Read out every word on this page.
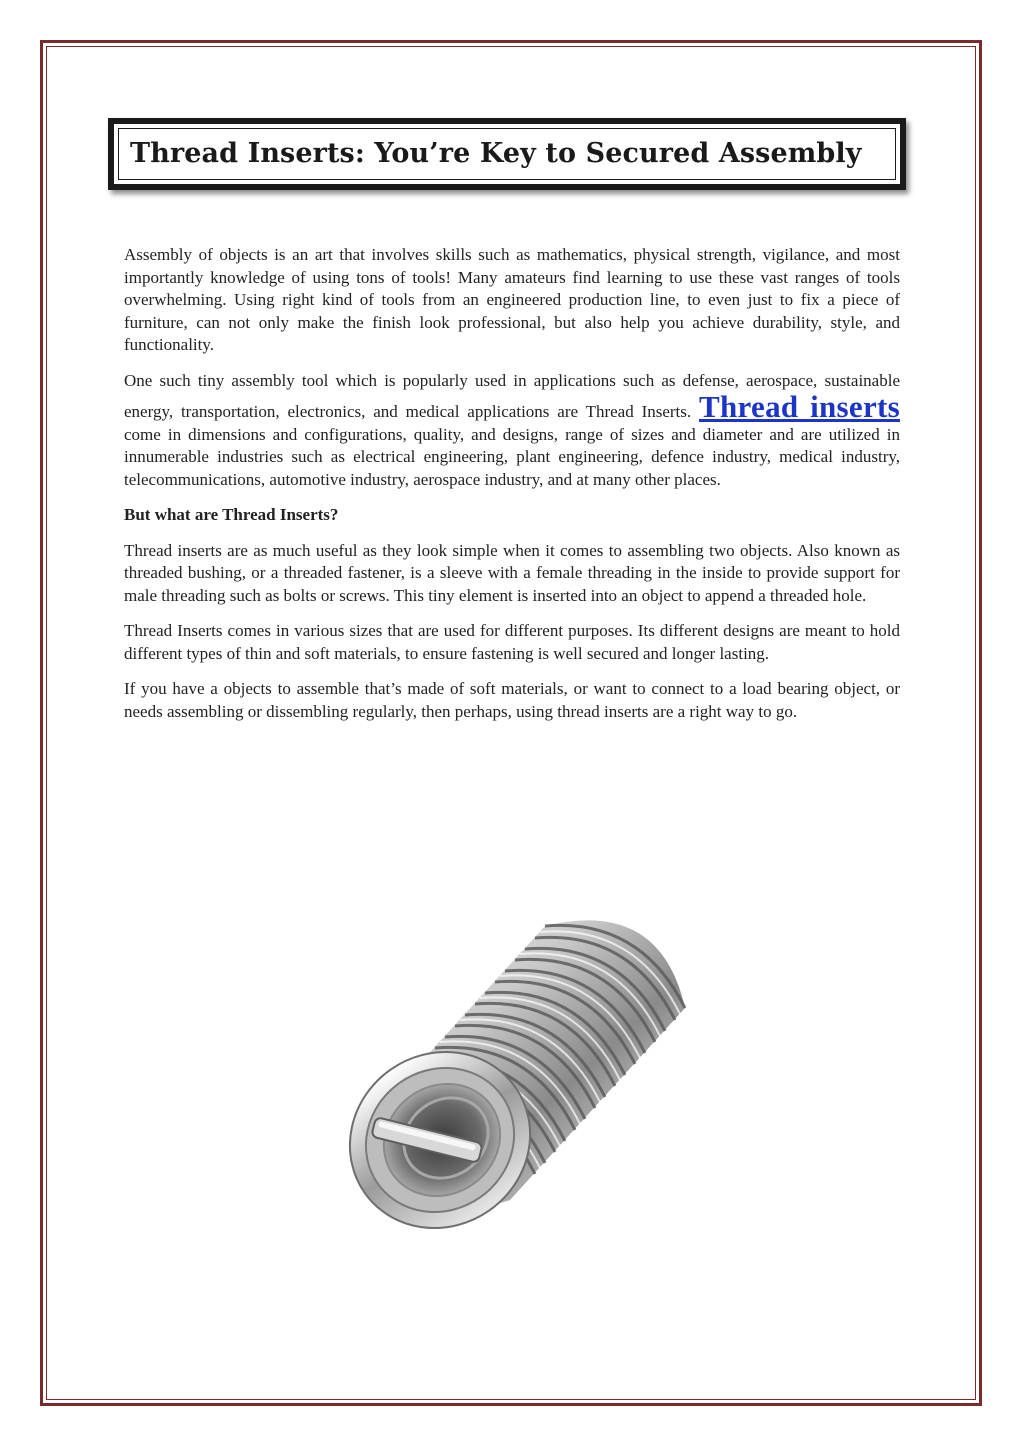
Thread Inserts: You’re Key to Secured Assembly

Assembly of objects is an art that involves skills such as mathematics, physical strength, vigilance, and most importantly knowledge of using tons of tools! Many amateurs find learning to use these vast ranges of tools overwhelming. Using right kind of tools from an engineered production line, to even just to fix a piece of furniture, can not only make the finish look professional, but also help you achieve durability, style, and functionality.

One such tiny assembly tool which is popularly used in applications such as defense, aerospace, sustainable energy, transportation, electronics, and medical applications are Thread Inserts. Thread inserts come in dimensions and configurations, quality, and designs, range of sizes and diameter and are utilized in innumerable industries such as electrical engineering, plant engineering, defence industry, medical industry, telecommunications, automotive industry, aerospace industry, and at many other places.

But what are Thread Inserts?

Thread inserts are as much useful as they look simple when it comes to assembling two objects. Also known as threaded bushing, or a threaded fastener, is a sleeve with a female threading in the inside to provide support for male threading such as bolts or screws. This tiny element is inserted into an object to append a threaded hole.

Thread Inserts comes in various sizes that are used for different purposes. Its different designs are meant to hold different types of thin and soft materials, to ensure fastening is well secured and longer lasting.

If you have a objects to assemble that’s made of soft materials, or want to connect to a load bearing object, or needs assembling or dissembling regularly, then perhaps, using thread inserts are a right way to go.
